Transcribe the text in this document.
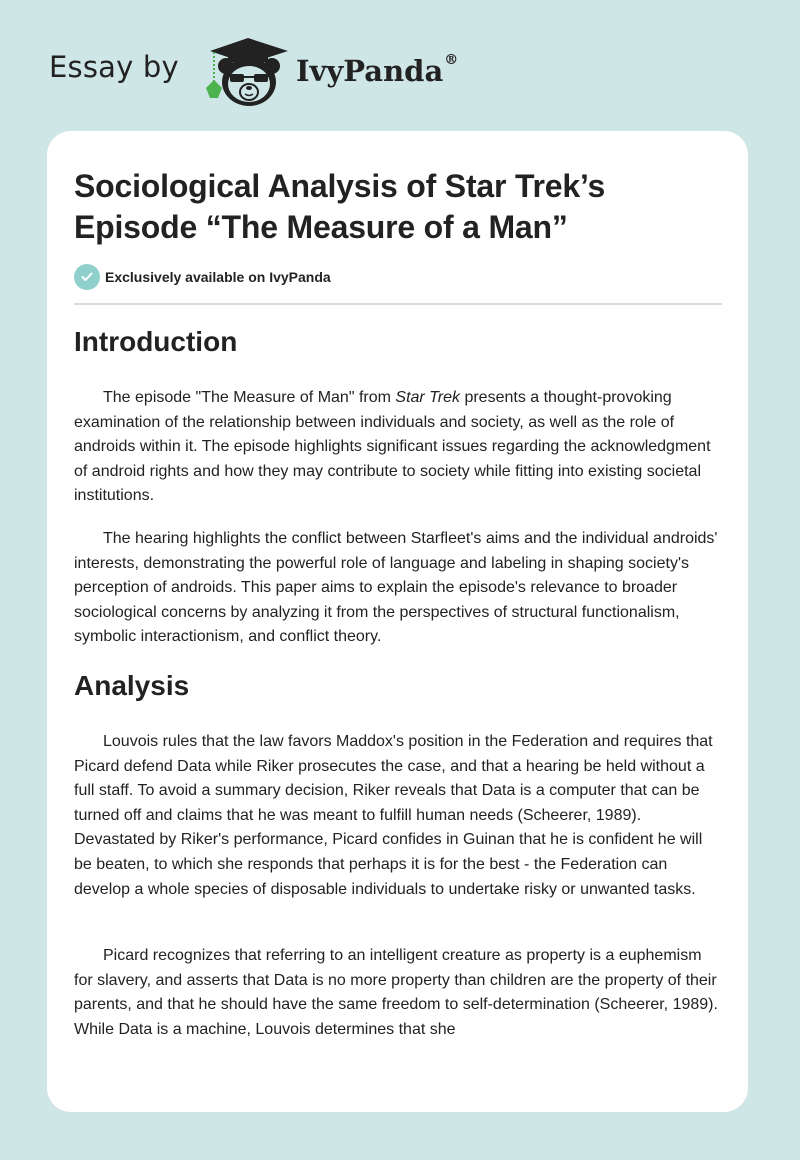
Essay by	IvyPanda®
Sociological Analysis of Star Trek’s Episode “The Measure of a Man”
Exclusively available on IvyPanda
Introduction

The episode "The Measure of Man" from Star Trek presents a thought-provoking examination of the relationship between individuals and society, as well as the role of androids within it. The episode highlights significant issues regarding the acknowledgment of android rights and how they may contribute to society while fitting into existing societal institutions.

The hearing highlights the conflict between Starfleet's aims and the individual androids' interests, demonstrating the powerful role of language and labeling in shaping society's perception of androids. This paper aims to explain the episode's relevance to broader sociological concerns by analyzing it from the perspectives of structural functionalism, symbolic interactionism, and conflict theory.

Analysis

Louvois rules that the law favors Maddox's position in the Federation and requires that Picard defend Data while Riker prosecutes the case, and that a hearing be held without a full staff. To avoid a summary decision, Riker reveals that Data is a computer that can be turned off and claims that he was meant to fulfill human needs (Scheerer, 1989). Devastated by Riker's performance, Picard confides in Guinan that he is confident he will be beaten, to which she responds that perhaps it is for the best - the Federation can develop a whole species of disposable individuals to undertake risky or unwanted tasks.

Picard recognizes that referring to an intelligent creature as property is a euphemism for slavery, and asserts that Data is no more property than children are the property of their parents, and that he should have the same freedom to self-determination (Scheerer, 1989). While Data is a machine, Louvois determines that she
